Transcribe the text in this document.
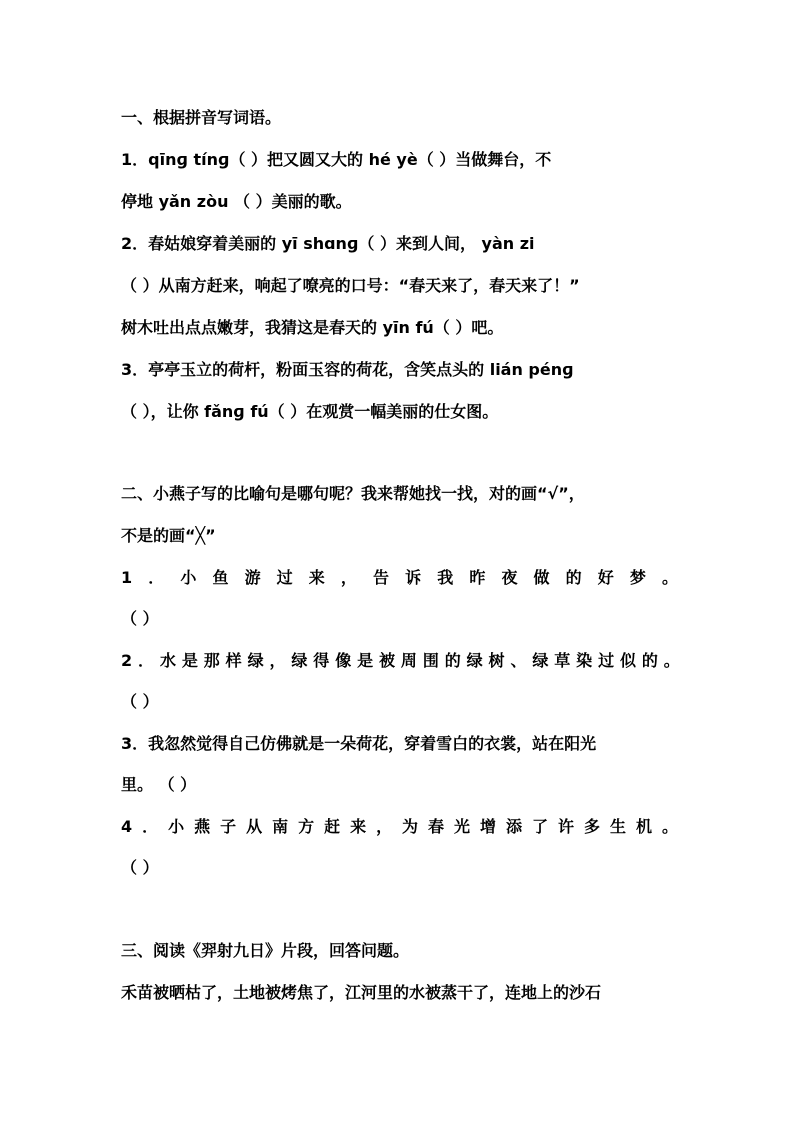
一、根据拼音写词语。
1．qīnɡ tínɡ（ ）把又圆又大的 hé yè（ ）当做舞台，不
停地 yǎn zòu （ ）美丽的歌。
2．春姑娘穿着美丽的 yī shɑnɡ（ ）来到人间， yàn zi
（ ）从南方赶来，响起了嘹亮的口号：“春天来了，春天来了！”
树木吐出点点嫩芽，我猜这是春天的 yīn fú（ ）吧。
3．亭亭玉立的荷杆，粉面玉容的荷花，含笑点头的 lián pénɡ
（ ），让你 fǎnɡ fú（ ）在观赏一幅美丽的仕女图。
二、小燕子写的比喻句是哪句呢？我来帮她找一找，对的画“√”，
不是的画“╳”
1．小鱼游过来，告诉我昨夜做的好梦。
（ ）
2．水是那样绿，绿得像是被周围的绿树、绿草染过似的。
（ ）
3．我忽然觉得自己仿佛就是一朵荷花，穿着雪白的衣裳，站在阳光
里。 （ ）
4．小燕子从南方赶来，为春光增添了许多生机。
（ ）
三、阅读《羿射九日》片段，回答问题。
禾苗被晒枯了，土地被烤焦了，江河里的水被蒸干了，连地上的沙石
